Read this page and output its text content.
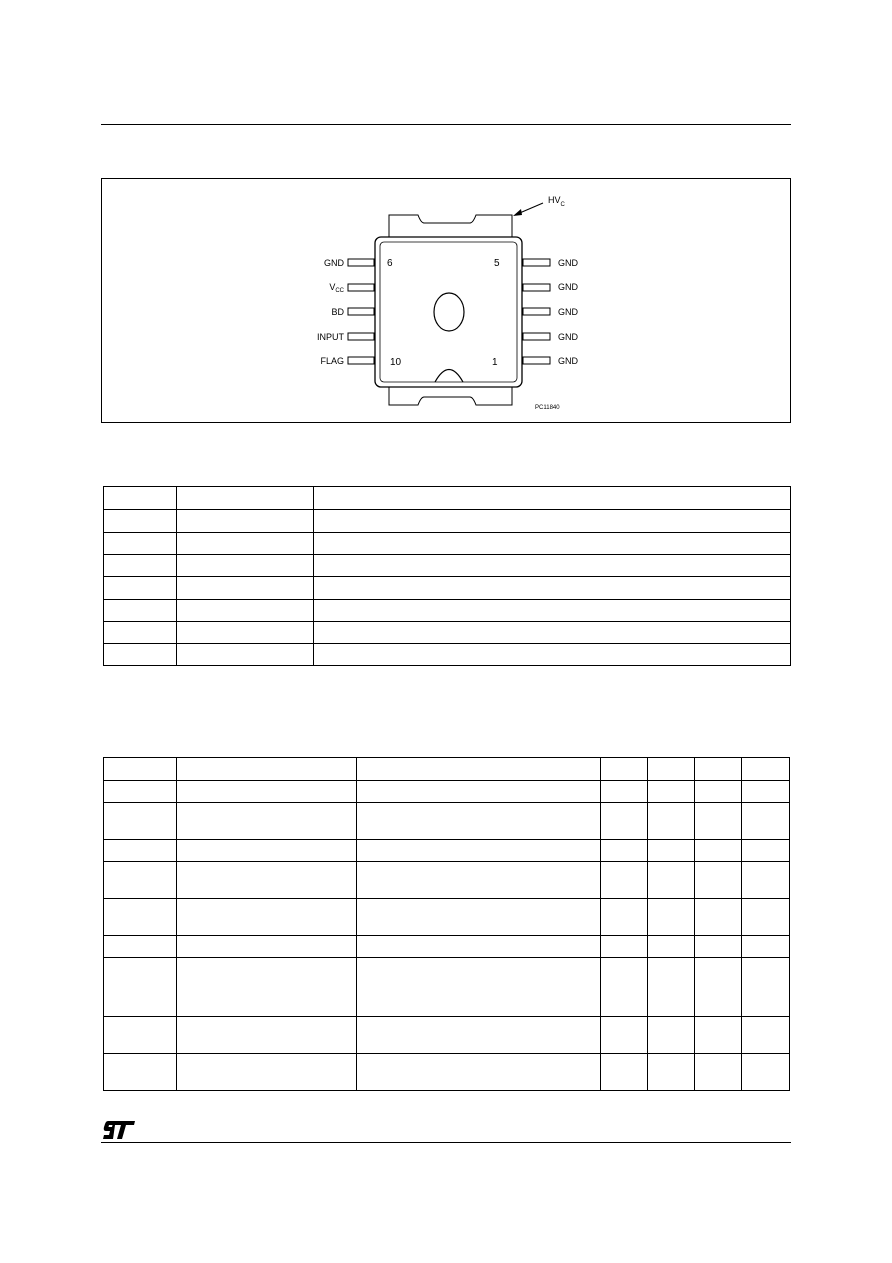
$HV_C$
GND
$V_{CC}$
BD
INPUT
FLAG
GND
GND
GND
GND
GND
6	5
10	1
PC11840
